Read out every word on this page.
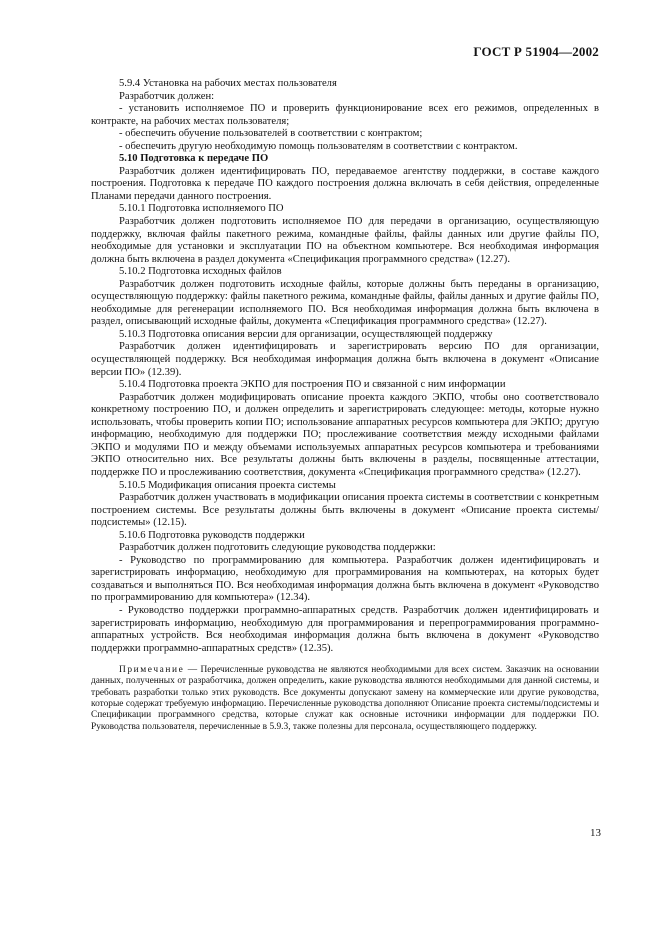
ГОСТ Р 51904—2002

5.9.4 Установка на рабочих местах пользователя

Разработчик должен:

- установить исполняемое ПО и проверить функционирование всех его режимов, определенных в контракте, на рабочих местах пользователя;

- обеспечить обучение пользователей в соответствии с контрактом;

- обеспечить другую необходимую помощь пользователям в соответствии с контрактом.

5.10 Подготовка к передаче ПО

Разработчик должен идентифицировать ПО, передаваемое агентству поддержки, в составе каждого построения. Подготовка к передаче ПО каждого построения должна включать в себя действия, определенные Планами передачи данного построения.

5.10.1 Подготовка исполняемого ПО

Разработчик должен подготовить исполняемое ПО для передачи в организацию, осуществляющую поддержку, включая файлы пакетного режима, командные файлы, файлы данных или другие файлы ПО, необходимые для установки и эксплуатации ПО на объектном компьютере. Вся необходимая информация должна быть включена в раздел документа «Спецификация программного средства» (12.27).

5.10.2 Подготовка исходных файлов

Разработчик должен подготовить исходные файлы, которые должны быть переданы в организацию, осуществляющую поддержку: файлы пакетного режима, командные файлы, файлы данных и другие файлы ПО, необходимые для регенерации исполняемого ПО. Вся необходимая информация должна быть включена в раздел, описывающий исходные файлы, документа «Спецификация программного средства» (12.27).

5.10.3 Подготовка описания версии для организации, осуществляющей поддержку

Разработчик должен идентифицировать и зарегистрировать версию ПО для организации, осуществляющей поддержку. Вся необходимая информация должна быть включена в документ «Описание версии ПО» (12.39).

5.10.4 Подготовка проекта ЭКПО для построения ПО и связанной с ним информации

Разработчик должен модифицировать описание проекта каждого ЭКПО, чтобы оно соответствовало конкретному построению ПО, и должен определить и зарегистрировать следующее: методы, которые нужно использовать, чтобы проверить копии ПО; использование аппаратных ресурсов компьютера для ЭКПО; другую информацию, необходимую для поддержки ПО; прослеживание соответствия между исходными файлами ЭКПО и модулями ПО и между объемами используемых аппаратных ресурсов компьютера и требованиями ЭКПО относительно них. Все результаты должны быть включены в разделы, посвященные аттестации, поддержке ПО и прослеживанию соответствия, документа «Спецификация программного средства» (12.27).

5.10.5 Модификация описания проекта системы

Разработчик должен участвовать в модификации описания проекта системы в соответствии с конкретным построением системы. Все результаты должны быть включены в документ «Описание проекта системы/подсистемы» (12.15).

5.10.6 Подготовка руководств поддержки

Разработчик должен подготовить следующие руководства поддержки:

- Руководство по программированию для компьютера. Разработчик должен идентифицировать и зарегистрировать информацию, необходимую для программирования на компьютерах, на которых будет создаваться и выполняться ПО. Вся необходимая информация должна быть включена в документ «Руководство по программированию для компьютера» (12.34).

- Руководство поддержки программно-аппаратных средств. Разработчик должен идентифицировать и зарегистрировать информацию, необходимую для программирования и перепрограммирования программно-аппаратных устройств. Вся необходимая информация должна быть включена в документ «Руководство поддержки программно-аппаратных средств» (12.35).

Примечание — Перечисленные руководства не являются необходимыми для всех систем. Заказчик на основании данных, полученных от разработчика, должен определить, какие руководства являются необходимыми для данной системы, и требовать разработки только этих руководств. Все документы допускают замену на коммерческие или другие руководства, которые содержат требуемую информацию. Перечисленные руководства дополняют Описание проекта системы/подсистемы и Спецификации программного средства, которые служат как основные источники информации для поддержки ПО. Руководства пользователя, перечисленные в 5.9.3, также полезны для персонала, осуществляющего поддержку.

13
